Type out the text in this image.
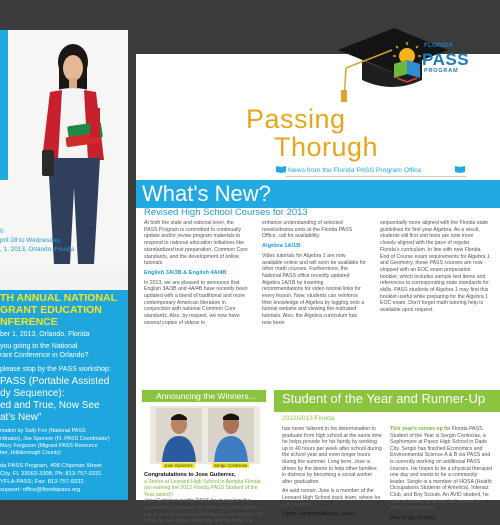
0
pril 28 to Wednesday,
, 1, 2013, Orlando, Florida
TH ANNUAL NATIONAL
GRANT EDUCATION
NFERENCE
ber 1, 2013, Orlando, Florida
you going to the National
rant Conference in Orlando?
please stop by the PASS workshop:
PASS (Portable Assisted
dy Sequence):
ed and True, Now See
at's New”
mation by Sally Fox (National PASS
rdinator), Joe Spencer (FL PASS Coordinator)
Mary Ferguson (Migrant PASS Resource
her, Hillsborough County)
da PASS Program, 408 Chipman Street
City, FL 33563-3308; Ph: 813-757-9331
YFLA-PASS; Fax: 813-757-9332
support: office@floridapass.org
FLORIDA
PASS
PROGRAM
Passing
Thorugh
News from the Florida PASS Program Office
What's New?
Revised High School Courses for 2013

At both the state and national level, the PASS Program is committed to continually update and/or revise program materials to respond to national education initiatives like standardized test preparation, Common Core standards, and the development of online tutorials.

English 3A/3B & English 4A/4B

In 2013, we are pleased to announce that English 3A/3B and 4A/4B have recently been updated with a blend of traditional and more contemporary American literature in conjunction with national Common Core standards. Also, by request, we now have several copies of videos to

enhance understanding of selected novels/drama units at the Florida PASS Office; call for availability.

Algebra 1A/1B

Video tutorials for Algebra 1 are now available online and will soon be available for other math courses. Furthermore, the National PASS office recently updated Algebra 1A/1B by inserting recommendations for video tutorial links for every lesson. Now, students can reinforce their knowledge of Algebra by logging onto a tutorial website and viewing the indicated tutorials. Also, the Algebra curriculum has now been

sequentially more aligned with the Florida state guidelines for first year Algebra. As a result, students will first unit tests are now more closely aligned with the pace of regular Florida's curriculum. In line with new Florida End of Course exam requirements for Algebra 1 and Geometry, these PASS courses are now shipped with an EOC exam preparation booklet, which includes sample test items and references to corresponding state standards for skills. PASS students of Algebra 1 may find this booklet useful while preparing for the Algebra 1 EOC exam. Don't forget math tutoring help is available upon request.

Announcing the Winners...
Jose Gutierrez	Sergio Contreras
Congratulations to Jose Gutierrez,
a Senior at Leonard High School in Apopka Florida (an earning the 2013 Florida PASS Student of the Year award)!
Jose Gutierrez credits PASS for giving him the opportunity to improve his math skills with Algebra 1 A & B as well as his English fluency with English 2A. While he has known adversity and hardship, he
Student of the Year and Runner-Up
2012/2013 Florida

has never faltered in his determination to graduate from high school at the same time he helps provide for his family by working up to 40 hours per week after school during the school year and even longer hours during the summer. Long term, Jose is driven by the desire to help other families in distress by becoming a social worker after graduation.

An avid runner, Jose is a member of the Leonard High School track team, where he runs hurdles.

Again, congratulations, Jose!

This year's runner-up for Florida PASS Student of the Year is Sergio Contreras, a Sophomore at Pasco High School in Dade City. Sergio has finished Economics and Environmental Science A & B via PASS and is currently working on additional PASS courses. He hopes to be a physical therapist one day and wants to be a community leader. Sergio is a member of HOSA (Health Occupations Students of America), Interact Club, and Boy Scouts. An AVID student, he also volunteers at school ball games by selling concessions.

Way to go, Sergio!
